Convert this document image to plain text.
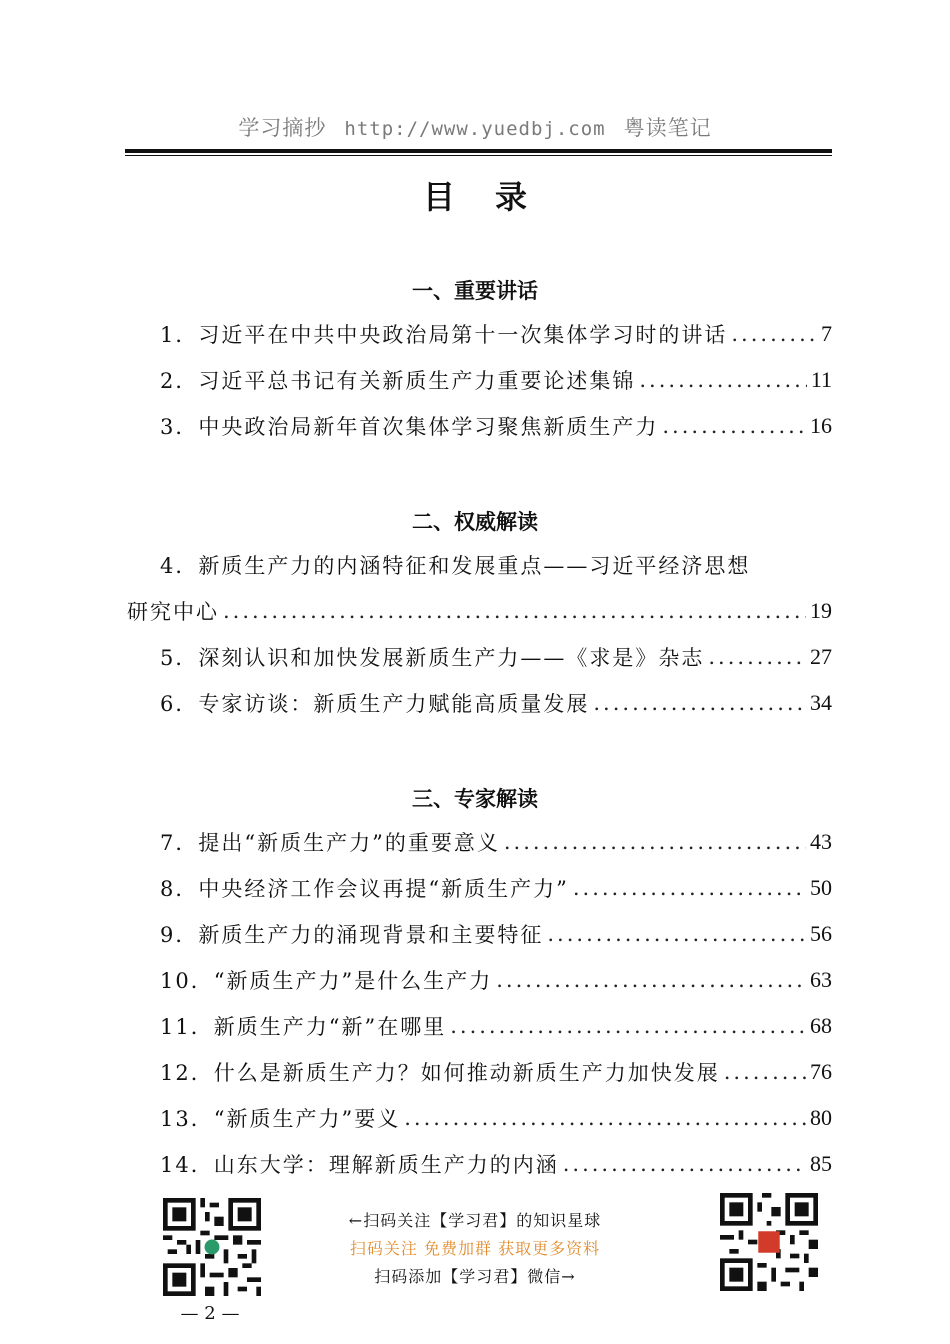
学习摘抄 http://www.yuedbj.com 粤读笔记
目 录
一、重要讲话
1．习近平在中共中央政治局第十一次集体学习时的讲话 .....	7
2．习近平总书记有关新质生产力重要论述集锦 .....	11
3．中央政治局新年首次集体学习聚焦新质生产力 .....	16
二、权威解读
4．新质生产力的内涵特征和发展重点——习近平经济思想
研究中心 .....	19
5．深刻认识和加快发展新质生产力——《求是》杂志 .....	27
6．专家访谈：新质生产力赋能高质量发展 .....	34
三、专家解读
7．提出“新质生产力”的重要意义 .....	43
8．中央经济工作会议再提“新质生产力” .....	50
9．新质生产力的涌现背景和主要特征 .....	56
10．“新质生产力”是什么生产力 .....	63
11．新质生产力“新”在哪里 .....	68
12．什么是新质生产力？如何推动新质生产力加快发展 .....	76
13．“新质生产力”要义 .....	80
14．山东大学：理解新质生产力的内涵 .....	85
←扫码关注【学习君】的知识星球
扫码关注 免费加群 获取更多资料
扫码添加【学习君】微信→
— 2 —
